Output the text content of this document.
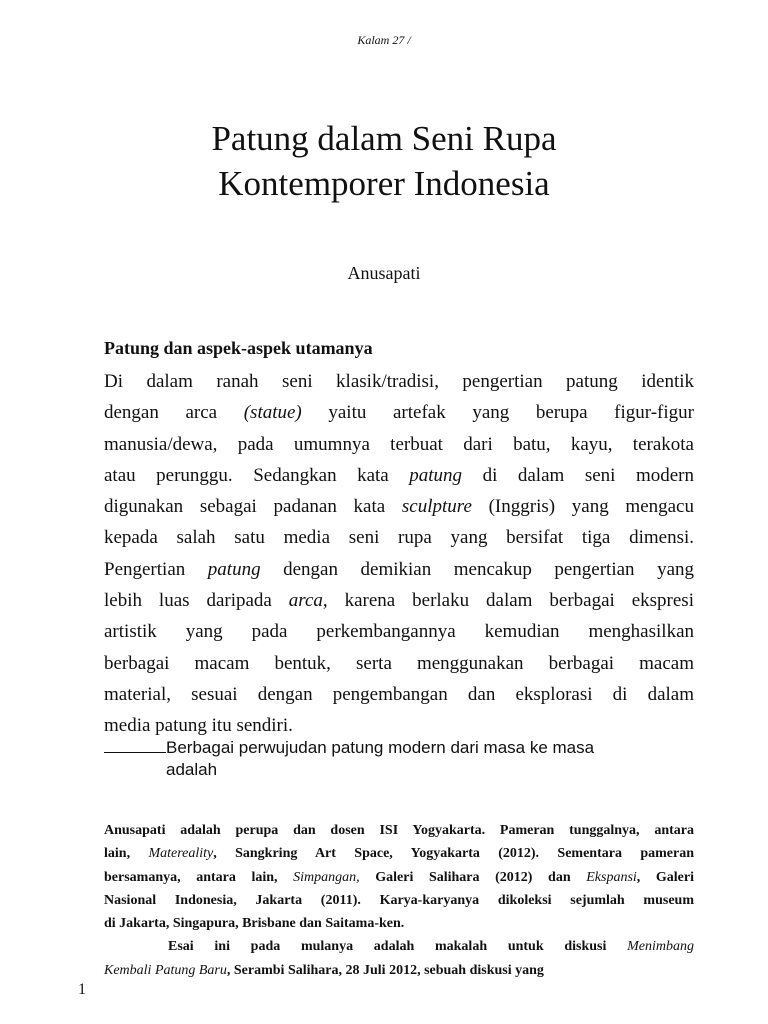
Kalam 27 /
Patung dalam Seni Rupa
Kontemporer Indonesia
Anusapati
Patung dan aspek-aspek utamanya
Di dalam ranah seni klasik/tradisi, pengertian patung identik
dengan arca (statue) yaitu artefak yang berupa figur-figur
manusia/dewa, pada umumnya terbuat dari batu, kayu, terakota
atau perunggu. Sedangkan kata patung di dalam seni modern
digunakan sebagai padanan kata sculpture (Inggris) yang mengacu
kepada salah satu media seni rupa yang bersifat tiga dimensi.
Pengertian patung dengan demikian mencakup pengertian yang
lebih luas daripada arca, karena berlaku dalam berbagai ekspresi
artistik yang pada perkembangannya kemudian menghasilkan
berbagai macam bentuk, serta menggunakan berbagai macam
material, sesuai dengan pengembangan dan eksplorasi di dalam
media patung itu sendiri.
Berbagai perwujudan patung modern dari masa ke masa
adalah
Anusapati adalah perupa dan dosen ISI Yogyakarta. Pameran tunggalnya, antara
lain, Matereality, Sangkring Art Space, Yogyakarta (2012). Sementara pameran
bersamanya, antara lain, Simpangan, Galeri Salihara (2012) dan Ekspansi, Galeri
Nasional Indonesia, Jakarta (2011). Karya-karyanya dikoleksi sejumlah museum
di Jakarta, Singapura, Brisbane dan Saitama-ken.
Esai ini pada mulanya adalah makalah untuk diskusi Menimbang
Kembali Patung Baru, Serambi Salihara, 28 Juli 2012, sebuah diskusi yang
1
